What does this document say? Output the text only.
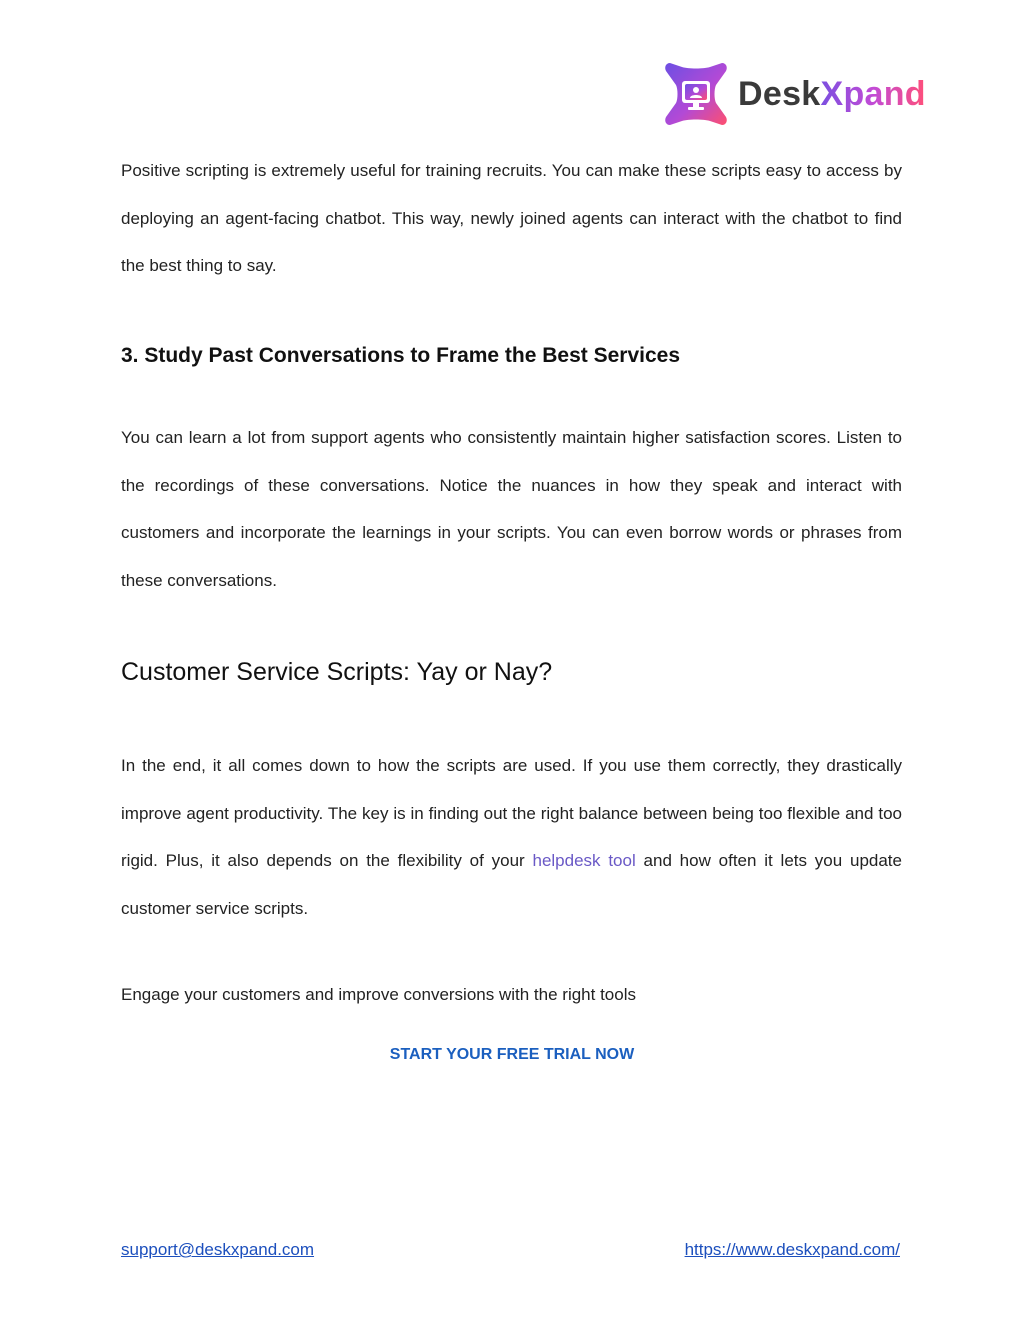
DeskXpand

Positive scripting is extremely useful for training recruits. You can make these scripts easy to access by deploying an agent-facing chatbot. This way, newly joined agents can interact with the chatbot to find the best thing to say.

3. Study Past Conversations to Frame the Best Services

You can learn a lot from support agents who consistently maintain higher satisfaction scores. Listen to the recordings of these conversations. Notice the nuances in how they speak and interact with customers and incorporate the learnings in your scripts. You can even borrow words or phrases from these conversations.

Customer Service Scripts: Yay or Nay?

In the end, it all comes down to how the scripts are used. If you use them correctly, they drastically improve agent productivity. The key is in finding out the right balance between being too flexible and too rigid. Plus, it also depends on the flexibility of your helpdesk tool and how often it lets you update customer service scripts.

Engage your customers and improve conversions with the right tools

START YOUR FREE TRIAL NOW
support@deskxpand.com	https://www.deskxpand.com/
